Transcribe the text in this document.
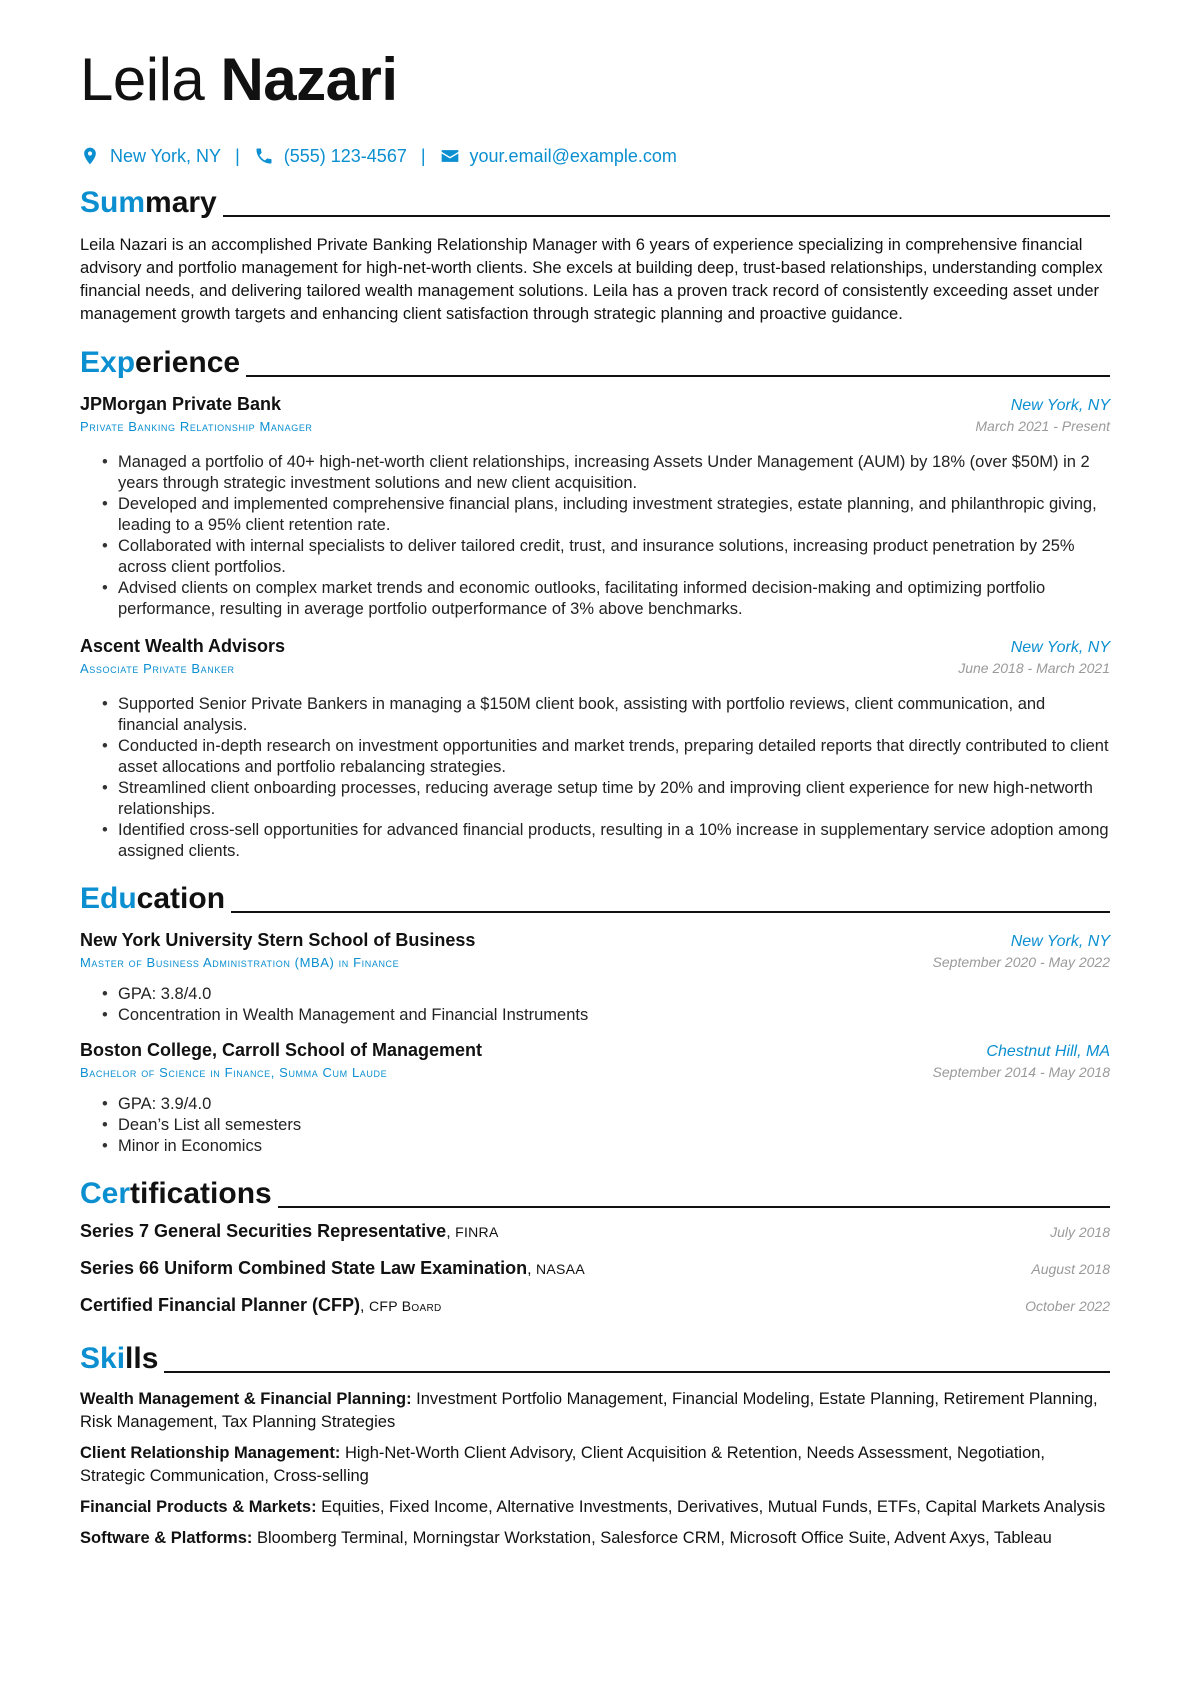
Leila Nazari
New York, NY | (555) 123-4567 | your.email@example.com
Summary
Leila Nazari is an accomplished Private Banking Relationship Manager with 6 years of experience specializing in comprehensive financial advisory and portfolio management for high-net-worth clients. She excels at building deep, trust-based relationships, understanding complex financial needs, and delivering tailored wealth management solutions. Leila has a proven track record of consistently exceeding asset under management growth targets and enhancing client satisfaction through strategic planning and proactive guidance.
Experience
JPMorgan Private Bank	New York, NY
Private Banking Relationship Manager	March 2021 - Present
• Managed a portfolio of 40+ high-net-worth client relationships, increasing Assets Under Management (AUM) by 18% (over $50M) in 2 years through strategic investment solutions and new client acquisition.
• Developed and implemented comprehensive financial plans, including investment strategies, estate planning, and philanthropic giving, leading to a 95% client retention rate.
• Collaborated with internal specialists to deliver tailored credit, trust, and insurance solutions, increasing product penetration by 25% across client portfolios.
• Advised clients on complex market trends and economic outlooks, facilitating informed decision-making and optimizing portfolio performance, resulting in average portfolio outperformance of 3% above benchmarks.
Ascent Wealth Advisors	New York, NY
Associate Private Banker	June 2018 - March 2021
• Supported Senior Private Bankers in managing a $150M client book, assisting with portfolio reviews, client communication, and financial analysis.
• Conducted in-depth research on investment opportunities and market trends, preparing detailed reports that directly contributed to client asset allocations and portfolio rebalancing strategies.
• Streamlined client onboarding processes, reducing average setup time by 20% and improving client experience for new high-networth relationships.
• Identified cross-sell opportunities for advanced financial products, resulting in a 10% increase in supplementary service adoption among assigned clients.
Education
New York University Stern School of Business	New York, NY
Master of Business Administration (MBA) in Finance	September 2020 - May 2022
• GPA: 3.8/4.0
• Concentration in Wealth Management and Financial Instruments
Boston College, Carroll School of Management	Chestnut Hill, MA
Bachelor of Science in Finance, Summa Cum Laude	September 2014 - May 2018
• GPA: 3.9/4.0
• Dean’s List all semesters
• Minor in Economics
Certifications
Series 7 General Securities Representative, FINRA	July 2018
Series 66 Uniform Combined State Law Examination, NASAA	August 2018
Certified Financial Planner (CFP), CFP Board	October 2022
Skills
Wealth Management & Financial Planning: Investment Portfolio Management, Financial Modeling, Estate Planning, Retirement Planning, Risk Management, Tax Planning Strategies
Client Relationship Management: High-Net-Worth Client Advisory, Client Acquisition & Retention, Needs Assessment, Negotiation, Strategic Communication, Cross-selling
Financial Products & Markets: Equities, Fixed Income, Alternative Investments, Derivatives, Mutual Funds, ETFs, Capital Markets Analysis
Software & Platforms: Bloomberg Terminal, Morningstar Workstation, Salesforce CRM, Microsoft Office Suite, Advent Axys, Tableau
